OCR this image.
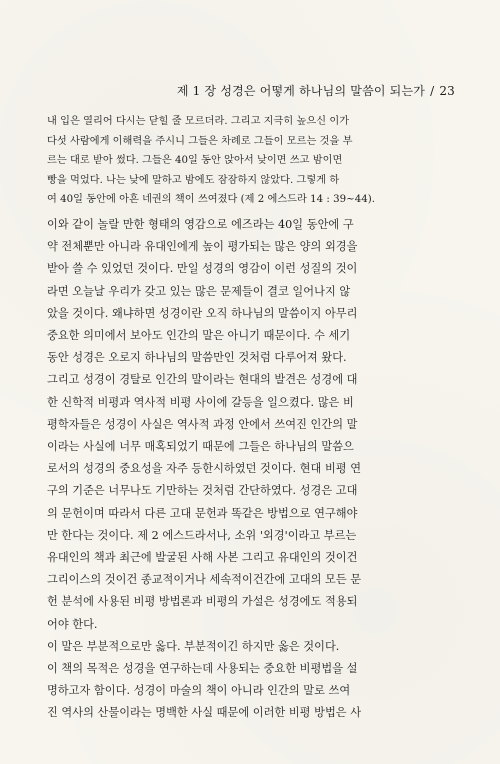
제 1 장 성경은 어떻게 하나님의 말씀이 되는가 / 23
내 입은 열리어 다시는 닫힐 줄 모르더라. 그리고 지극히 높으신 이가
다섯 사람에게 이해력을 주시니 그들은 차례로 그들이 모르는 것을 부
르는 대로 받아 썼다. 그들은 40일 동안 앉아서 낮이면 쓰고 밤이면
빵을 먹었다. 나는 낮에 말하고 밤에도 잠잠하지 않았다. 그렇게 하
여 40일 동안에 아흔 네권의 책이 쓰여졌다 (제 2 에스드라 14 : 39~44).
이와 같이 놀랄 만한 형태의 영감으로 에즈라는 40일 동안에 구
약 전체뿐만 아니라 유대인에게 높이 평가되는 많은 양의 외경을
받아 쓸 수 있었던 것이다. 만일 성경의 영감이 이런 성질의 것이
라면 오늘날 우리가 갖고 있는 많은 문제들이 결코 일어나지 않
았을 것이다. 왜냐하면 성경이란 오직 하나님의 말씀이지 아무리
중요한 의미에서 보아도 인간의 말은 아니기 때문이다. 수 세기
동안 성경은 오로지 하나님의 말씀만인 것처럼 다루어져 왔다.
그리고 성경이 경탈로 인간의 말이라는 현대의 발견은 성경에 대
한 신학적 비평과 역사적 비평 사이에 갈등을 일으켰다. 많은 비
평학자들은 성경이 사실은 역사적 과정 안에서 쓰여진 인간의 말
이라는 사실에 너무 매혹되었기 때문에 그들은 하나님의 말씀으
로서의 성경의 중요성을 자주 등한시하였던 것이다. 현대 비평 연
구의 기준은 너무나도 기만하는 것처럼 간단하였다. 성경은 고대
의 문헌이며 따라서 다른 고대 문헌과 똑같은 방법으로 연구해야
만 한다는 것이다. 제 2 에스드라서나, 소위 '외경'이라고 부르는
유대인의 책과 최근에 발굴된 사해 사본 그리고 유대인의 것이건
그리이스의 것이건 종교적이거나 세속적이건간에 고대의 모든 문
헌 분석에 사용된 비평 방법론과 비평의 가설은 성경에도 적용되
어야 한다.
이 말은 부분적으로만 옳다. 부분적이긴 하지만 옳은 것이다.
이 책의 목적은 성경을 연구하는데 사용되는 중요한 비평법을 설
명하고자 함이다. 성경이 마술의 책이 아니라 인간의 말로 쓰여
진 역사의 산물이라는 명백한 사실 때문에 이러한 비평 방법은 사
